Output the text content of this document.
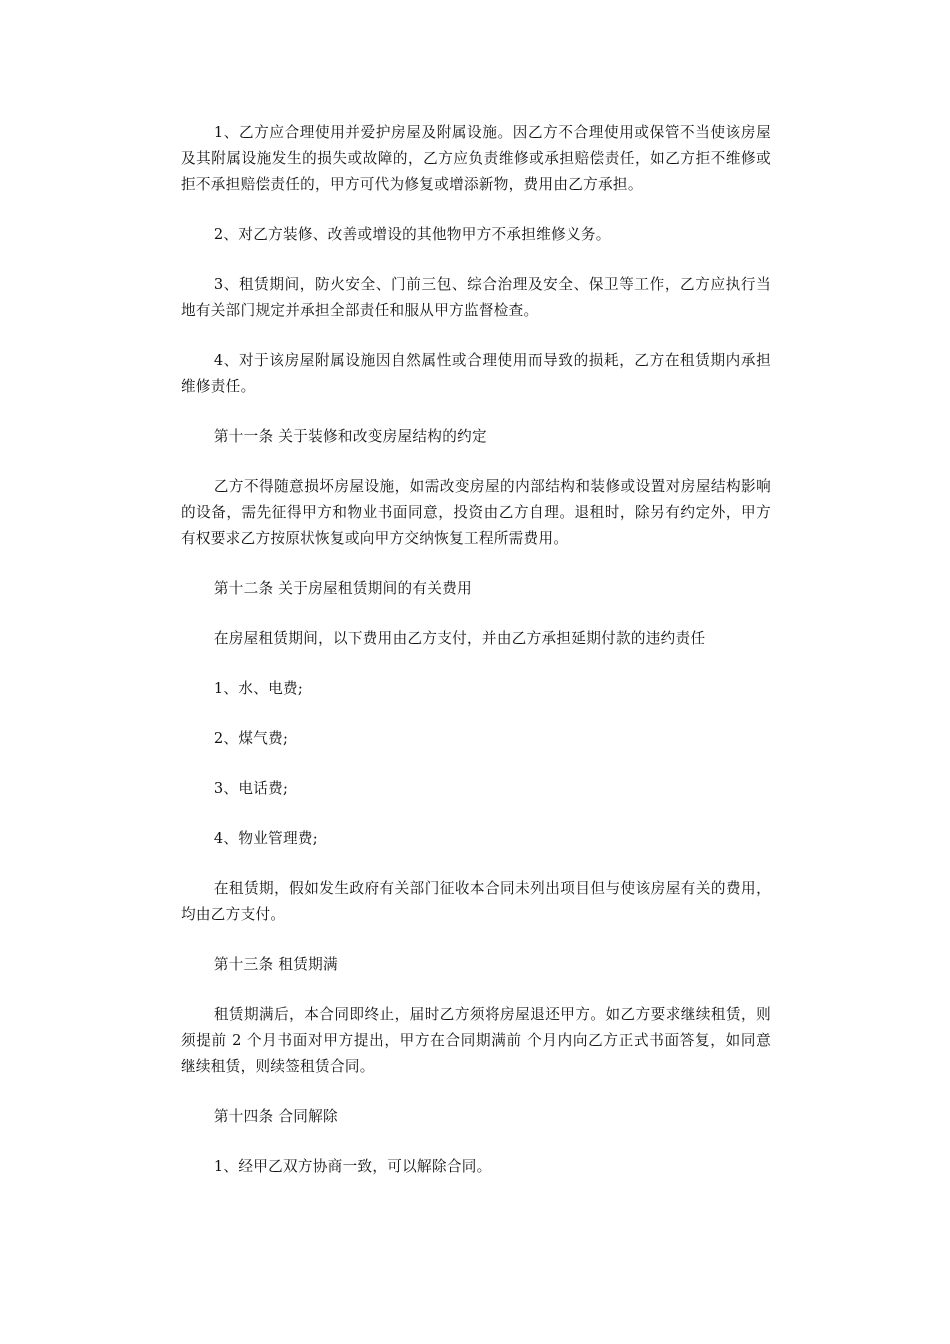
1、乙方应合理使用并爱护房屋及附属设施。因乙方不合理使用或保管不当使该房屋及其附属设施发生的损失或故障的，乙方应负责维修或承担赔偿责任，如乙方拒不维修或拒不承担赔偿责任的，甲方可代为修复或增添新物，费用由乙方承担。

2、对乙方装修、改善或增设的其他物甲方不承担维修义务。

3、租赁期间，防火安全、门前三包、综合治理及安全、保卫等工作，乙方应执行当地有关部门规定并承担全部责任和服从甲方监督检查。

4、对于该房屋附属设施因自然属性或合理使用而导致的损耗，乙方在租赁期内承担维修责任。

第十一条 关于装修和改变房屋结构的约定

乙方不得随意损坏房屋设施，如需改变房屋的内部结构和装修或设置对房屋结构影响的设备，需先征得甲方和物业书面同意，投资由乙方自理。退租时，除另有约定外，甲方有权要求乙方按原状恢复或向甲方交纳恢复工程所需费用。

第十二条 关于房屋租赁期间的有关费用

在房屋租赁期间，以下费用由乙方支付，并由乙方承担延期付款的违约责任

1、水、电费;

2、煤气费;

3、电话费;

4、物业管理费;

在租赁期，假如发生政府有关部门征收本合同未列出项目但与使该房屋有关的费用，均由乙方支付。

第十三条 租赁期满

租赁期满后，本合同即终止，届时乙方须将房屋退还甲方。如乙方要求继续租赁，则须提前 2 个月书面对甲方提出，甲方在合同期满前 个月内向乙方正式书面答复，如同意继续租赁，则续签租赁合同。

第十四条 合同解除

1、经甲乙双方协商一致，可以解除合同。
